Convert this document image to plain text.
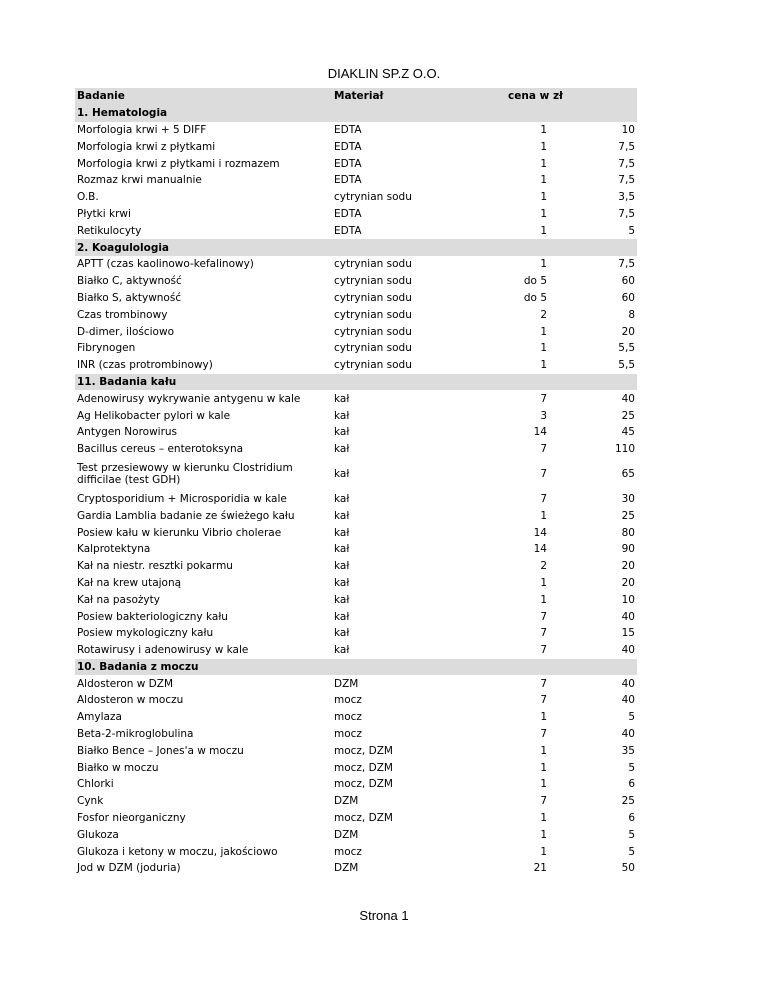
DIAKLIN SP.Z O.O.
Badanie	Materiał	cena w zł	
1. Hematologia			
Morfologia krwi + 5 DIFF	EDTA	1	10
Morfologia krwi z płytkami	EDTA	1	7,5
Morfologia krwi z płytkami i rozmazem	EDTA	1	7,5
Rozmaz krwi manualnie	EDTA	1	7,5
O.B.	cytrynian sodu	1	3,5
Płytki krwi	EDTA	1	7,5
Retikulocyty	EDTA	1	5
2. Koagulologia			
APTT (czas kaolinowo-kefalinowy)	cytrynian sodu	1	7,5
Białko C, aktywność	cytrynian sodu	do 5	60
Białko S, aktywność	cytrynian sodu	do 5	60
Czas trombinowy	cytrynian sodu	2	8
D-dimer, ilościowo	cytrynian sodu	1	20
Fibrynogen	cytrynian sodu	1	5,5
INR (czas protrombinowy)	cytrynian sodu	1	5,5
11. Badania kału			
Adenowirusy wykrywanie antygenu w kale	kał	7	40
Ag Helikobacter pylori w kale	kał	3	25
Antygen Norowirus	kał	14	45
Bacillus cereus – enterotoksyna	kał	7	110
Test przesiewowy w kierunku Clostridium difficilae (test GDH)	kał	7	65
Cryptosporidium + Microsporidia w kale	kał	7	30
Gardia Lamblia badanie ze świeżego kału	kał	1	25
Posiew kału w kierunku Vibrio cholerae	kał	14	80
Kalprotektyna	kał	14	90
Kał na niestr. resztki pokarmu	kał	2	20
Kał na krew utajoną	kał	1	20
Kał na pasożyty	kał	1	10
Posiew bakteriologiczny kału	kał	7	40
Posiew mykologiczny kału	kał	7	15
Rotawirusy i adenowirusy w kale	kał	7	40
10. Badania z moczu			
Aldosteron w DZM	DZM	7	40
Aldosteron w moczu	mocz	7	40
Amylaza	mocz	1	5
Beta-2-mikroglobulina	mocz	7	40
Białko Bence – Jones'a w moczu	mocz, DZM	1	35
Białko w moczu	mocz, DZM	1	5
Chlorki	mocz, DZM	1	6
Cynk	DZM	7	25
Fosfor nieorganiczny	mocz, DZM	1	6
Glukoza	DZM	1	5
Glukoza i ketony w moczu, jakościowo	mocz	1	5
Jod w DZM (joduria)	DZM	21	50
Strona 1
